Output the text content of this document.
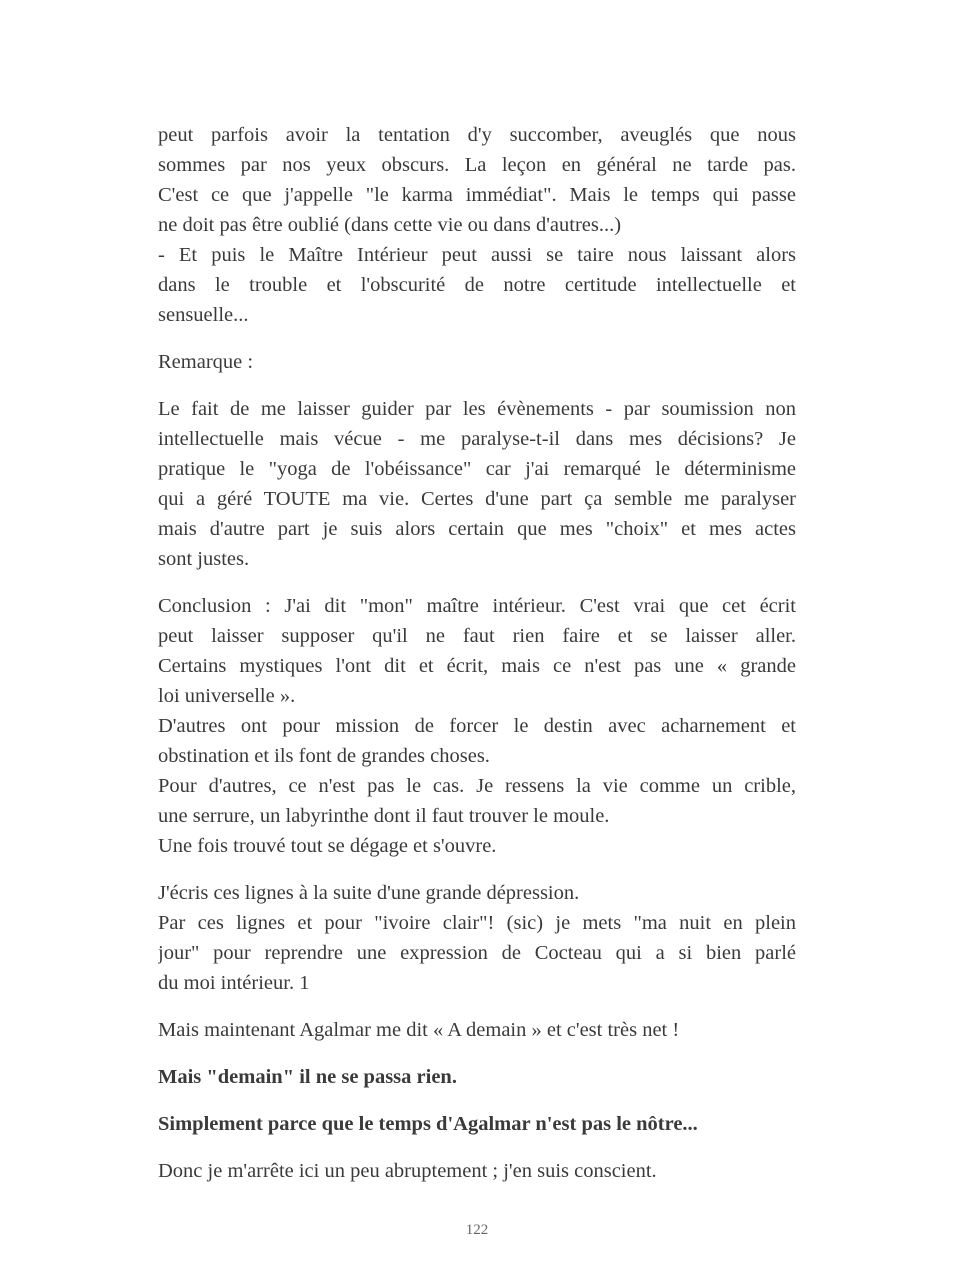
peut parfois avoir la tentation d'y succomber, aveuglés que nous
sommes par nos yeux obscurs. La leçon en général ne tarde pas.
C'est ce que j'appelle "le karma immédiat". Mais le temps qui passe
ne doit pas être oublié (dans cette vie ou dans d'autres...)
- Et puis le Maître Intérieur peut aussi se taire nous laissant alors
dans le trouble et l'obscurité de notre certitude intellectuelle et
sensuelle...
Remarque :
Le fait de me laisser guider par les évènements - par soumission non
intellectuelle mais vécue - me paralyse-t-il dans mes décisions? Je
pratique le "yoga de l'obéissance" car j'ai remarqué le déterminisme
qui a géré TOUTE ma vie. Certes d'une part ça semble me paralyser
mais d'autre part je suis alors certain que mes "choix" et mes actes
sont justes.
Conclusion : J'ai dit "mon" maître intérieur. C'est vrai que cet écrit
peut laisser supposer qu'il ne faut rien faire et se laisser aller.
Certains mystiques l'ont dit et écrit, mais ce n'est pas une « grande
loi universelle ».
D'autres ont pour mission de forcer le destin avec acharnement et
obstination et ils font de grandes choses.
Pour d'autres, ce n'est pas le cas. Je ressens la vie comme un crible,
une serrure, un labyrinthe dont il faut trouver le moule.
Une fois trouvé tout se dégage et s'ouvre.
J'écris ces lignes à la suite d'une grande dépression.
Par ces lignes et pour "ivoire clair"! (sic) je mets "ma nuit en plein
jour" pour reprendre une expression de Cocteau qui a si bien parlé
du moi intérieur. 1
Mais maintenant Agalmar me dit « A demain » et c'est très net !
Mais "demain" il ne se passa rien.
Simplement parce que le temps d'Agalmar n'est pas le nôtre...
Donc je m'arrête ici un peu abruptement ; j'en suis conscient.
122
